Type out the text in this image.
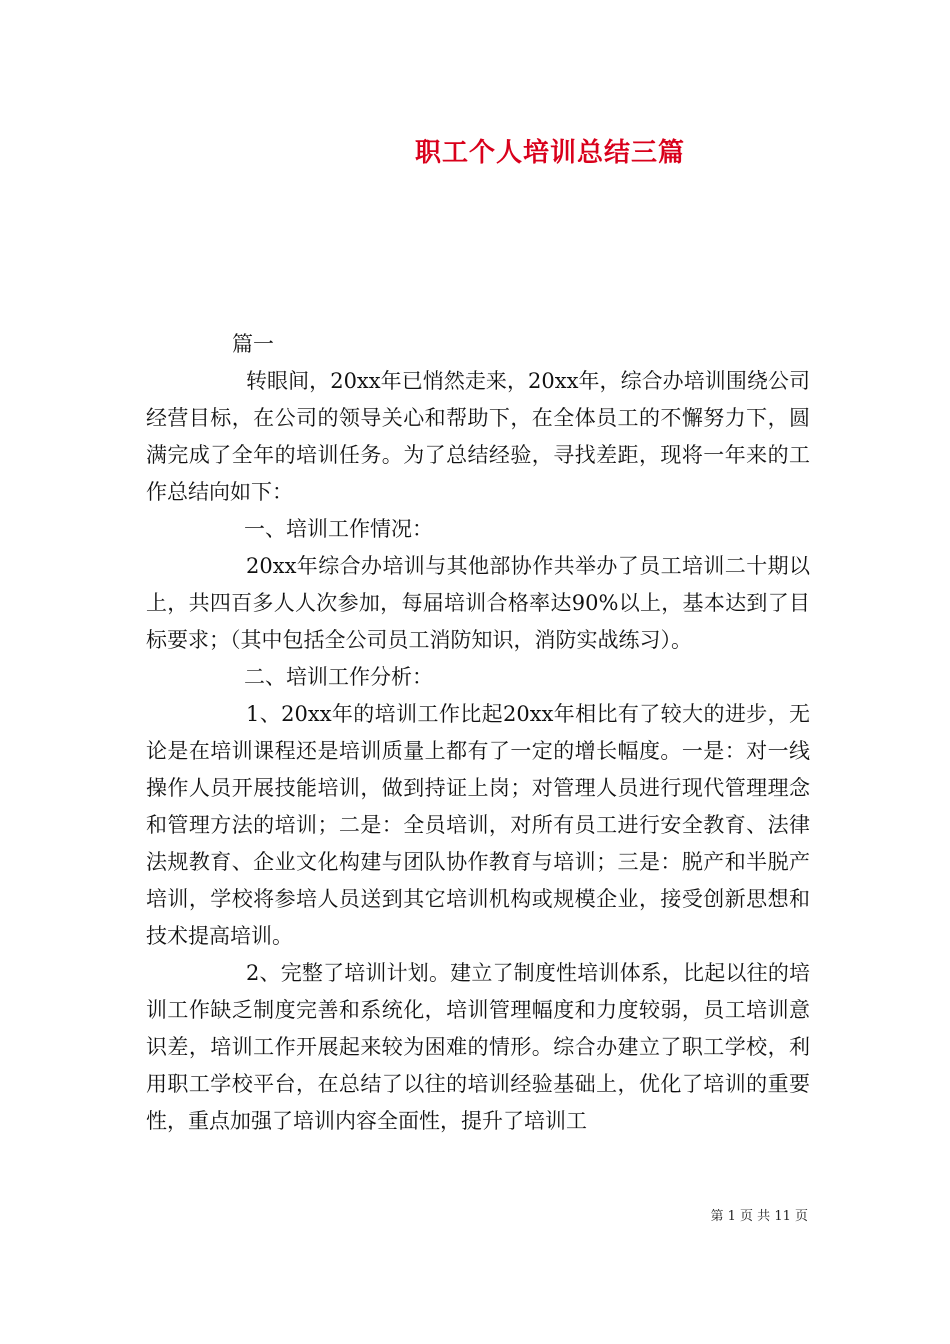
职工个人培训总结三篇

篇一

转眼间，20xx年已悄然走来，20xx年，综合办培训围绕公司经营目标，在公司的领导关心和帮助下，在全体员工的不懈努力下，圆满完成了全年的培训任务。为了总结经验，寻找差距，现将一年来的工作总结向如下：

一、培训工作情况：

20xx年综合办培训与其他部协作共举办了员工培训二十期以上，共四百多人人次参加，每届培训合格率达90%以上，基本达到了目标要求；（其中包括全公司员工消防知识，消防实战练习）。

二、培训工作分析：

1、20xx年的培训工作比起20xx年相比有了较大的进步，无论是在培训课程还是培训质量上都有了一定的增长幅度。一是：对一线操作人员开展技能培训，做到持证上岗；对管理人员进行现代管理理念和管理方法的培训；二是：全员培训，对所有员工进行安全教育、法律法规教育、企业文化构建与团队协作教育与培训；三是：脱产和半脱产培训，学校将参培人员送到其它培训机构或规模企业，接受创新思想和技术提高培训。

2、完整了培训计划。建立了制度性培训体系，比起以往的培训工作缺乏制度完善和系统化，培训管理幅度和力度较弱，员工培训意识差，培训工作开展起来较为困难的情形。综合办建立了职工学校，利用职工学校平台，在总结了以往的培训经验基础上，优化了培训的重要性，重点加强了培训内容全面性，提升了培训工

第 1 页 共 11 页
